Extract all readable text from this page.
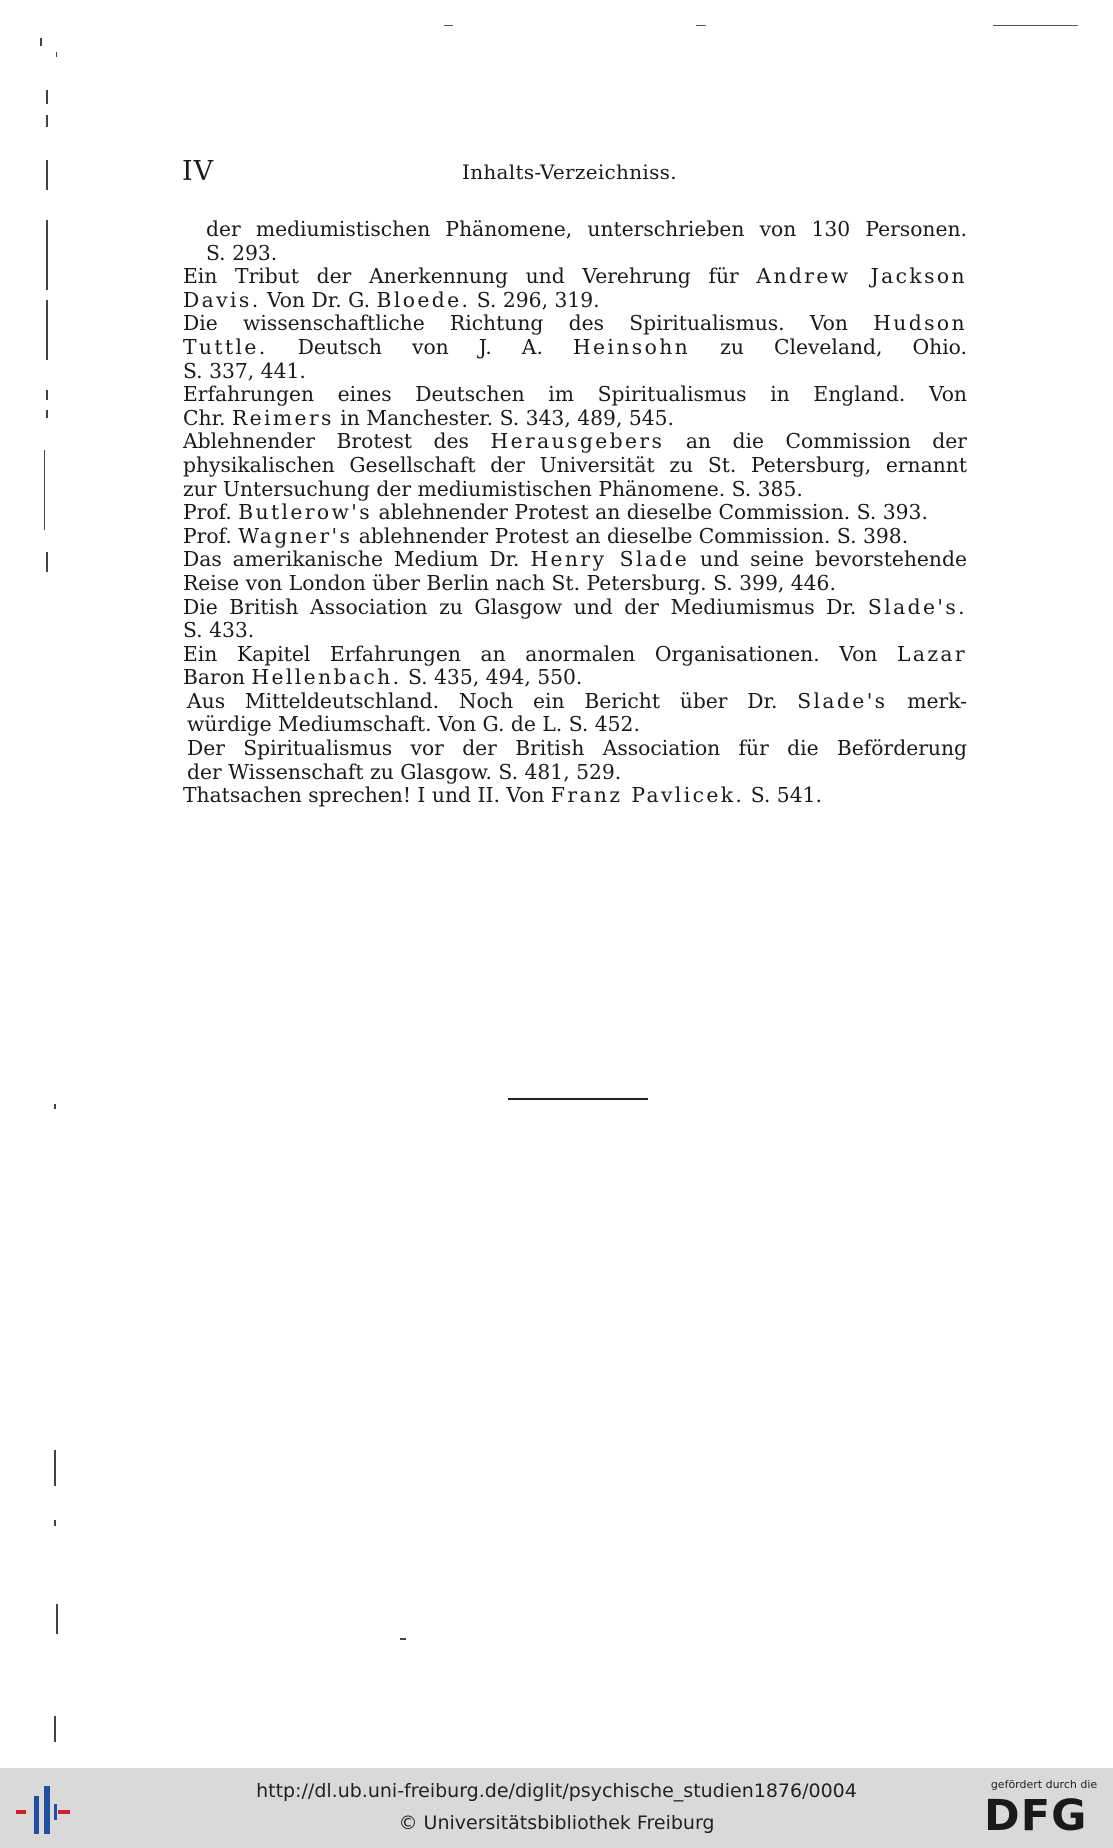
IV	Inhalts-Verzeichniss.
der mediumistischen Phänomene, unterschrieben von 130 Personen.
S. 293.
Ein Tribut der Anerkennung und Verehrung für Andrew Jackson
Davis. Von Dr. G. Bloede. S. 296, 319.
Die wissenschaftliche Richtung des Spiritualismus. Von Hudson
Tuttle. Deutsch von J. A. Heinsohn zu Cleveland, Ohio.
S. 337, 441.
Erfahrungen eines Deutschen im Spiritualismus in England. Von
Chr. Reimers in Manchester. S. 343, 489, 545.
Ablehnender Brotest des Herausgebers an die Commission der
physikalischen Gesellschaft der Universität zu St. Petersburg, ernannt
zur Untersuchung der mediumistischen Phänomene. S. 385.
Prof. Butlerow's ablehnender Protest an dieselbe Commission. S. 393.
Prof. Wagner's ablehnender Protest an dieselbe Commission. S. 398.
Das amerikanische Medium Dr. Henry Slade und seine bevorstehende
Reise von London über Berlin nach St. Petersburg. S. 399, 446.
Die British Association zu Glasgow und der Mediumismus Dr. Slade's.
S. 433.
Ein Kapitel Erfahrungen an anormalen Organisationen. Von Lazar
Baron Hellenbach. S. 435, 494, 550.
Aus Mitteldeutschland. Noch ein Bericht über Dr. Slade's merk-
würdige Mediumschaft. Von G. de L. S. 452.
Der Spiritualismus vor der British Association für die Beförderung
der Wissenschaft zu Glasgow. S. 481, 529.
Thatsachen sprechen! I und II. Von Franz Pavlicek. S. 541.
http://dl.ub.uni-freiburg.de/diglit/psychische_studien1876/0004
© Universitätsbibliothek Freiburg
gefördert durch die
DFG
